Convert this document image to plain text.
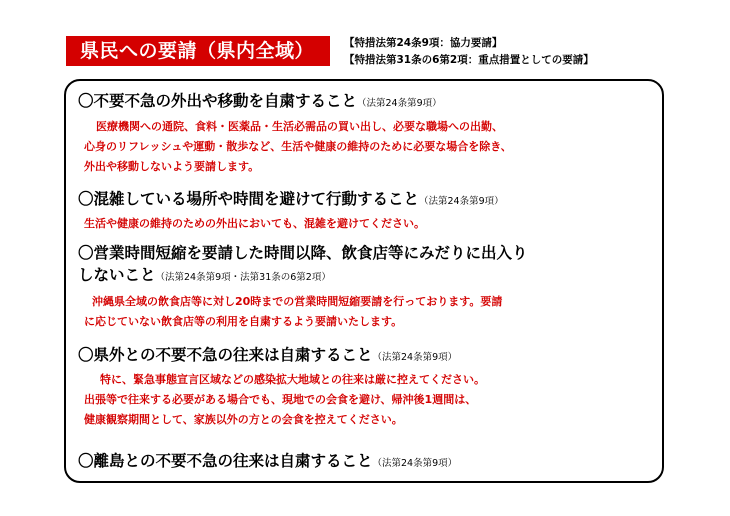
県民への要請（県内全域）	【特措法第24条9項：協力要請】
【特措法第31条の6第2項：重点措置としての要請】
〇不要不急の外出や移動を自粛すること（法第24条第9項）
医療機関への通院、食料・医薬品・生活必需品の買い出し、必要な職場への出勤、
心身のリフレッシュや運動・散歩など、生活や健康の維持のために必要な場合を除き、
外出や移動しないよう要請します。
〇混雑している場所や時間を避けて行動すること（法第24条第9項）
生活や健康の維持のための外出においても、混雑を避けてください。
〇営業時間短縮を要請した時間以降、飲食店等にみだりに出入り
しないこと（法第24条第9項・法第31条の6第2項）
沖縄県全域の飲食店等に対し20時までの営業時間短縮要請を行っております。要請
に応じていない飲食店等の利用を自粛するよう要請いたします。
〇県外との不要不急の往来は自粛すること（法第24条第9項）
特に、緊急事態宣言区域などの感染拡大地域との往来は厳に控えてください。
出張等で往来する必要がある場合でも、現地での会食を避け、帰沖後1週間は、
健康観察期間として、家族以外の方との会食を控えてください。
〇離島との不要不急の往来は自粛すること（法第24条第9項）
